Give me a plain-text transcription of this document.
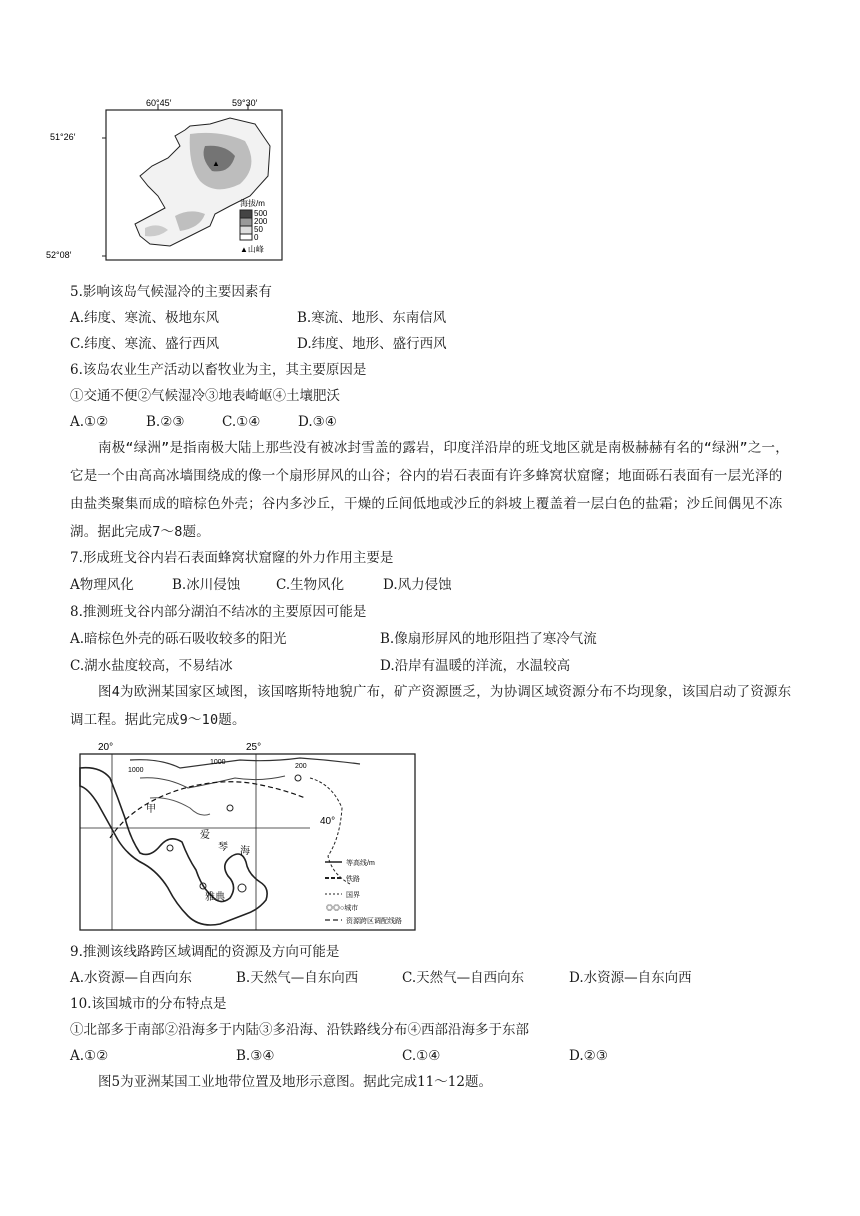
60°45′	59°30′
51°26′
52°08′
▲
海拔/m
500
200
50
0
▲山峰
5.影响该岛气候湿冷的主要因素有
A.纬度、寒流、极地东风	B.寒流、地形、东南信风
C.纬度、寒流、盛行西风	D.纬度、地形、盛行西风
6.该岛农业生产活动以畜牧业为主，其主要原因是
①交通不便②气候湿冷③地表崎岖④土壤肥沃
A.①②	B.②③	C.①④	D.③④
南极“绿洲”是指南极大陆上那些没有被冰封雪盖的露岩，印度洋沿岸的班戈地区就是南极赫赫有名的“绿洲”之一，它是一个由高高冰墙围绕成的像一个扇形屏风的山谷；谷内的岩石表面有许多蜂窝状窟窿；地面砾石表面有一层光泽的由盐类聚集而成的暗棕色外壳；谷内多沙丘，干燥的丘间低地或沙丘的斜坡上覆盖着一层白色的盐霜；沙丘间偶见不冻湖。据此完成7～8题。
7.形成班戈谷内岩石表面蜂窝状窟窿的外力作用主要是
A物理风化	B.冰川侵蚀	C.生物风化	D.风力侵蚀
8.推测班戈谷内部分湖泊不结冰的主要原因可能是
A.暗棕色外壳的砾石吸收较多的阳光	B.像扇形屏风的地形阻挡了寒冷气流
C.湖水盐度较高，不易结冰	D.沿岸有温暖的洋流，水温较高
图4为欧洲某国家区域图，该国喀斯特地貌广布，矿产资源匮乏，为协调区域资源分布不均现象，该国启动了资源东调工程。据此完成9～10题。
20°	25°
40°
1000
1000
200
甲
爱
琴 海
雅典
等高线/m
铁路
国界
◎◎○城市
资源跨区调配线路
9.推测该线路跨区域调配的资源及方向可能是
A.水资源—自西向东	B.天然气—自东向西	C.天然气—自西向东	D.水资源—自东向西
10.该国城市的分布特点是
①北部多于南部②沿海多于内陆③多沿海、沿铁路线分布④西部沿海多于东部
A.①②	B.③④	C.①④	D.②③
图5为亚洲某国工业地带位置及地形示意图。据此完成11～12题。
